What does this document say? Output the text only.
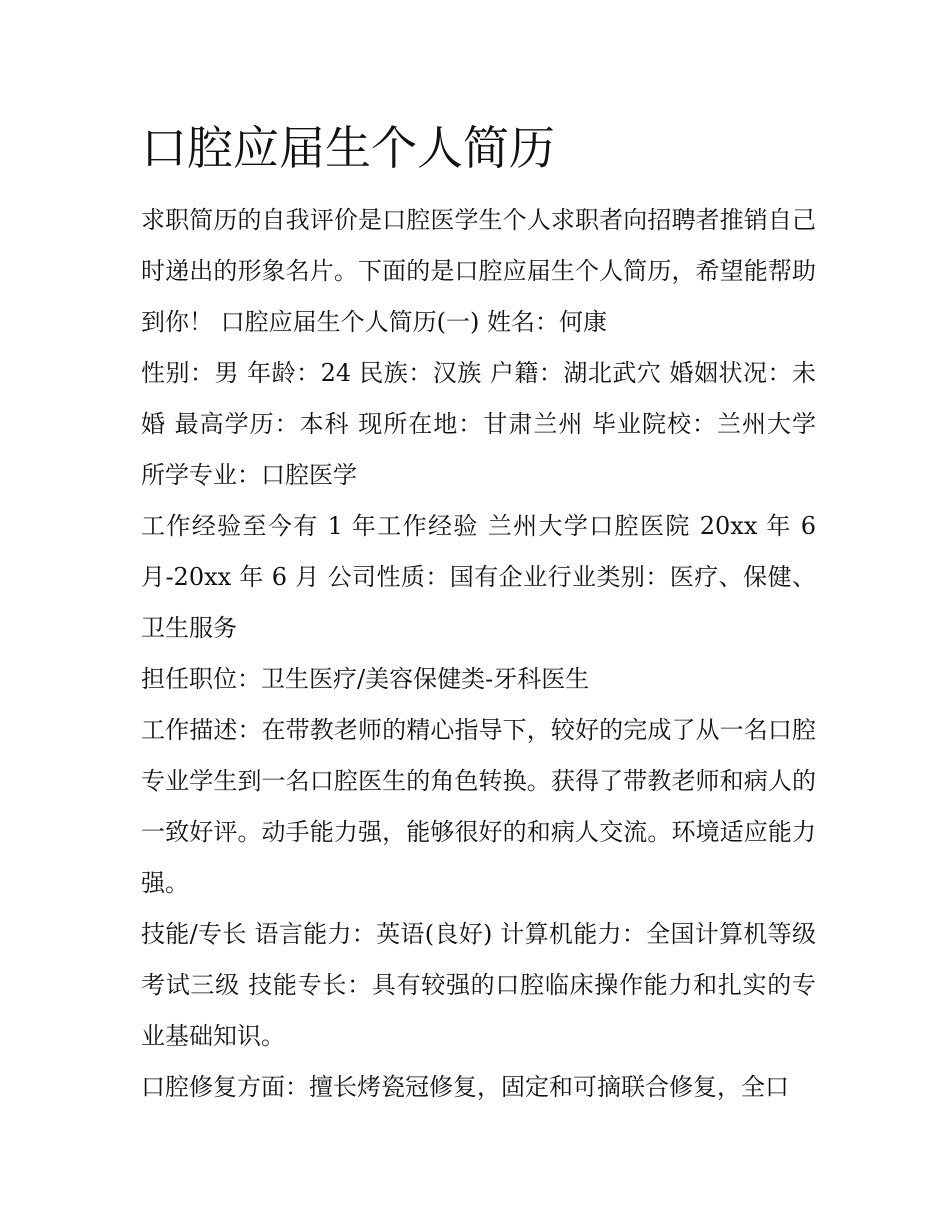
口腔应届生个人简历

求职简历的自我评价是口腔医学生个人求职者向招聘者推销自己时递出的形象名片。下面的是口腔应届生个人简历，希望能帮助到你！ 口腔应届生个人简历(一) 姓名：何康

性别：男 年龄：24 民族：汉族 户籍：湖北武穴 婚姻状况：未婚 最高学历：本科 现所在地：甘肃兰州 毕业院校：兰州大学 所学专业：口腔医学

工作经验至今有 1 年工作经验 兰州大学口腔医院 20xx 年 6 月-20xx 年 6 月 公司性质：国有企业行业类别：医疗、保健、卫生服务

担任职位：卫生医疗/美容保健类-牙科医生

工作描述：在带教老师的精心指导下，较好的完成了从一名口腔专业学生到一名口腔医生的角色转换。获得了带教老师和病人的一致好评。动手能力强，能够很好的和病人交流。环境适应能力强。

技能/专长 语言能力：英语(良好) 计算机能力：全国计算机等级考试三级 技能专长：具有较强的口腔临床操作能力和扎实的专业基础知识。

口腔修复方面：擅长烤瓷冠修复，固定和可摘联合修复，全口
